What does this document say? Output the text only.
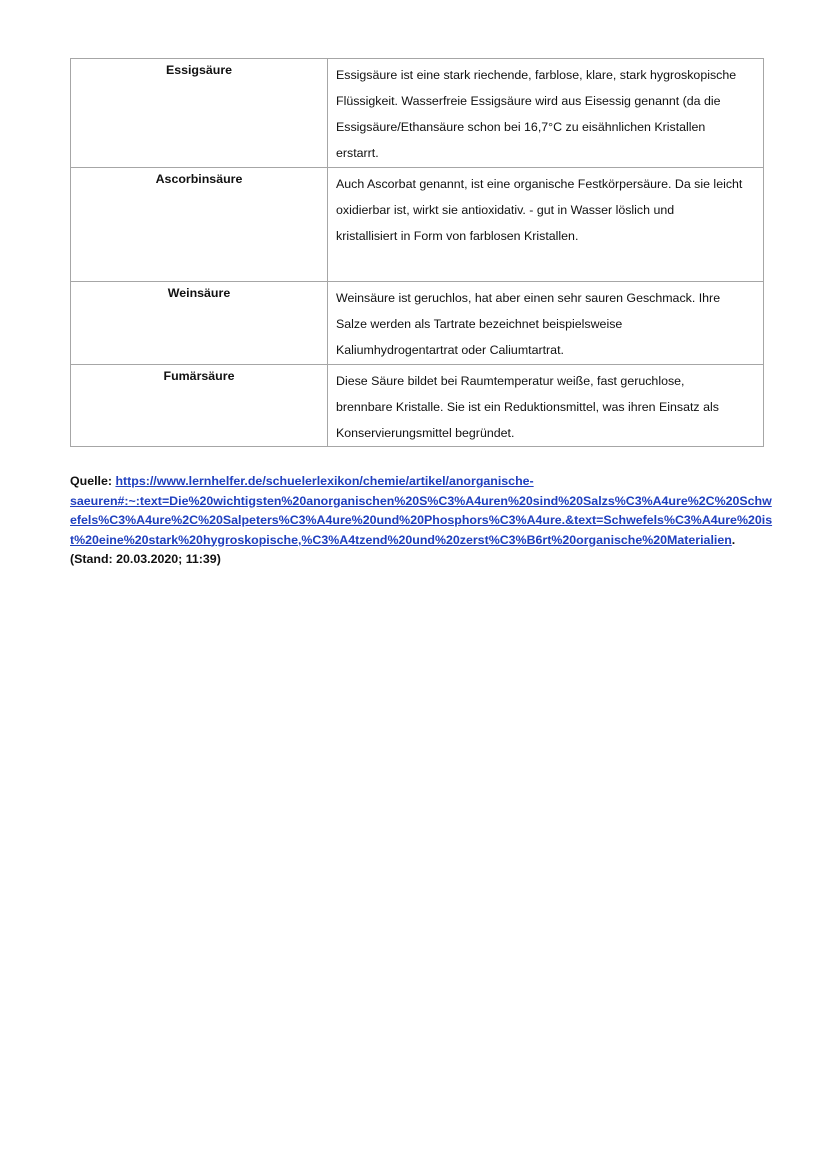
Essigsäure	Essigsäure ist eine stark riechende, farblose, klare, stark hygroskopische
Flüssigkeit. Wasserfreie Essigsäure wird aus Eisessig genannt (da die
Essigsäure/Ethansäure schon bei 16,7°C zu eisähnlichen Kristallen
erstarrt.

Ascorbinsäure	Auch Ascorbat genannt, ist eine organische Festkörpersäure. Da sie leicht
oxidierbar ist, wirkt sie antioxidativ. - gut in Wasser löslich und
kristallisiert in Form von farblosen Kristallen.

Weinsäure	Weinsäure ist geruchlos, hat aber einen sehr sauren Geschmack. Ihre
Salze werden als Tartrate bezeichnet beispielsweise
Kaliumhydrogentartrat oder Caliumtartrat.

Fumärsäure	Diese Säure bildet bei Raumtemperatur weiße, fast geruchlose,
brennbare Kristalle. Sie ist ein Reduktionsmittel, was ihren Einsatz als
Konservierungsmittel begründet.
Quelle: https://www.lernhelfer.de/schuelerlexikon/chemie/artikel/anorganische-
saeuren#:~:text=Die%20wichtigsten%20anorganischen%20S%C3%A4uren%20sind%20Salzs%C3%A4ure%2C%20Schw
efels%C3%A4ure%2C%20Salpeters%C3%A4ure%20und%20Phosphors%C3%A4ure.&text=Schwefels%C3%A4ure%20is
t%20eine%20stark%20hygroskopische,%C3%A4tzend%20und%20zerst%C3%B6rt%20organische%20Materialien.
(Stand: 20.03.2020; 11:39)
